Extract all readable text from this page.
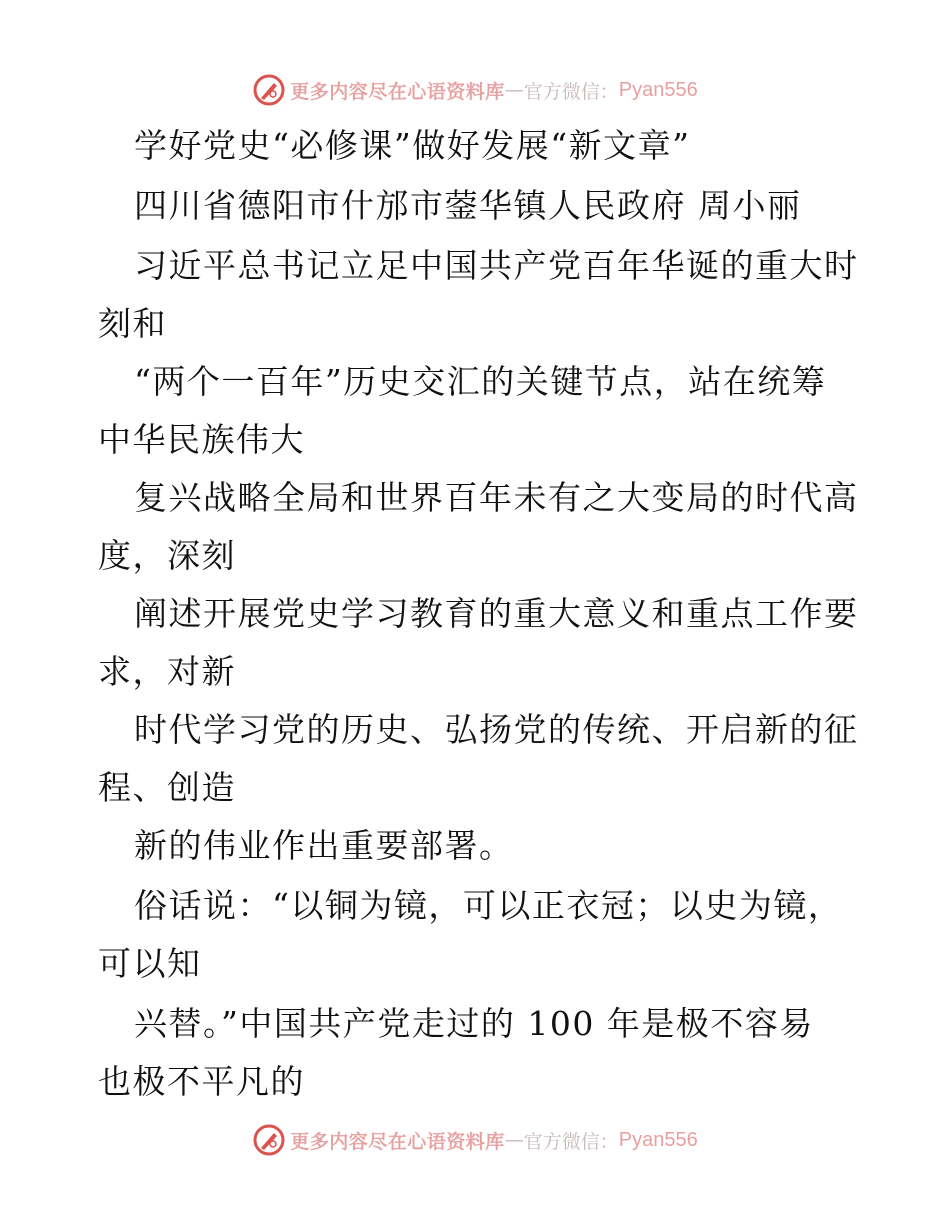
更多内容尽在心语资料库 — 官方微信： Pyan556
学好党史“必修课”做好发展“新文章”
四川省德阳市什邡市蓥华镇人民政府 周小丽
习近平总书记立足中国共产党百年华诞的重大时
刻和
“两个一百年”历史交汇的关键节点，站在统筹
中华民族伟大
复兴战略全局和世界百年未有之大变局的时代高
度，深刻
阐述开展党史学习教育的重大意义和重点工作要
求，对新
时代学习党的历史、弘扬党的传统、开启新的征
程、创造
新的伟业作出重要部署。
俗话说：“以铜为镜，可以正衣冠；以史为镜，
可以知
兴替。”中国共产党走过的 100 年是极不容易
也极不平凡的
更多内容尽在心语资料库 — 官方微信： Pyan556
